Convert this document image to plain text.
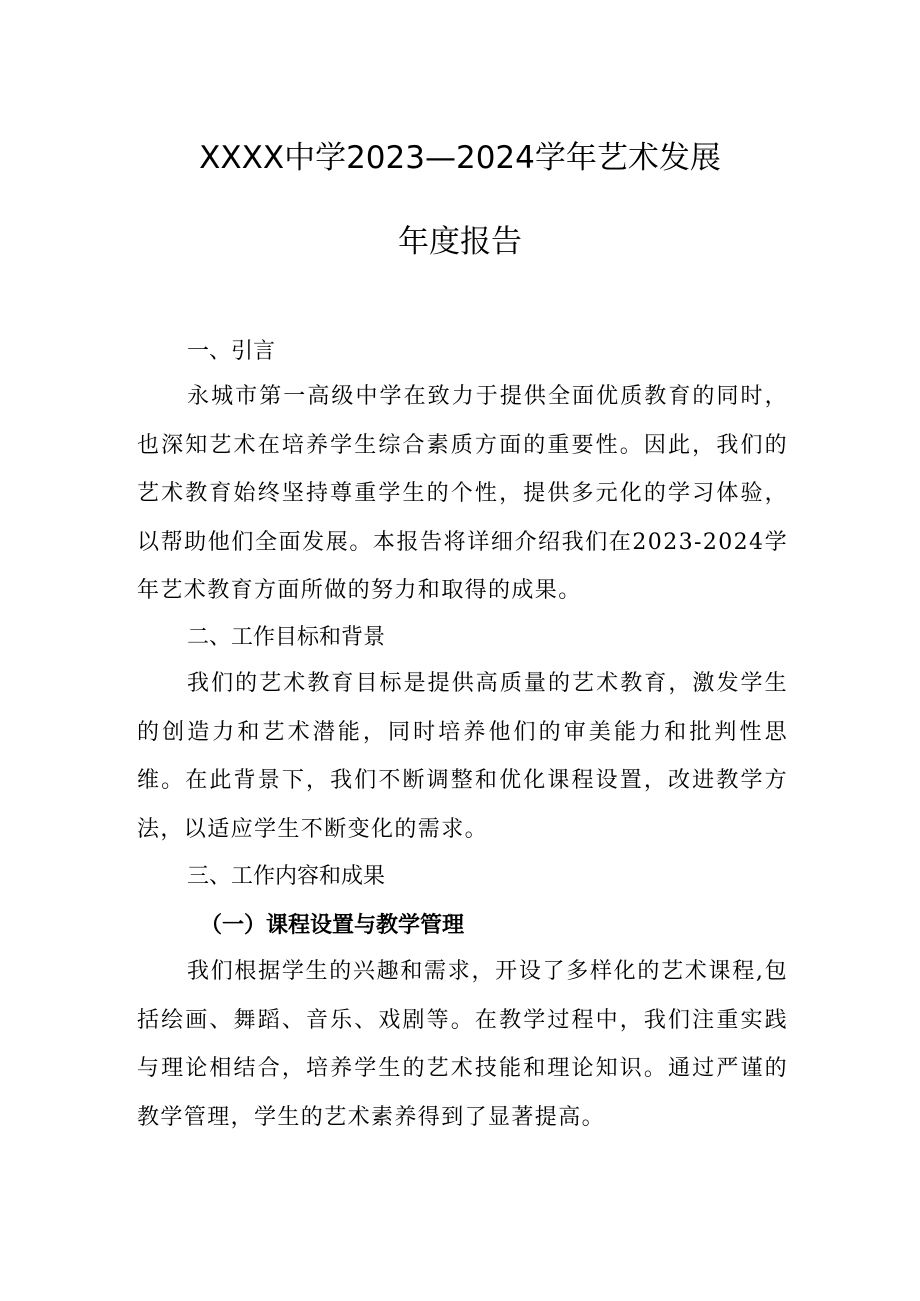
XXXX中学2023—2024学年艺术发展
年度报告
一、引言

永城市第一高级中学在致力于提供全面优质教育的同时，也深知艺术在培养学生综合素质方面的重要性。因此，我们的艺术教育始终坚持尊重学生的个性，提供多元化的学习体验，以帮助他们全面发展。本报告将详细介绍我们在2023-2024学年艺术教育方面所做的努力和取得的成果。

二、工作目标和背景

我们的艺术教育目标是提供高质量的艺术教育，激发学生的创造力和艺术潜能，同时培养他们的审美能力和批判性思维。在此背景下，我们不断调整和优化课程设置，改进教学方法，以适应学生不断变化的需求。

三、工作内容和成果
（一）课程设置与教学管理

我们根据学生的兴趣和需求，开设了多样化的艺术课程,包括绘画、舞蹈、音乐、戏剧等。在教学过程中，我们注重实践与理论相结合，培养学生的艺术技能和理论知识。通过严谨的教学管理，学生的艺术素养得到了显著提高。
